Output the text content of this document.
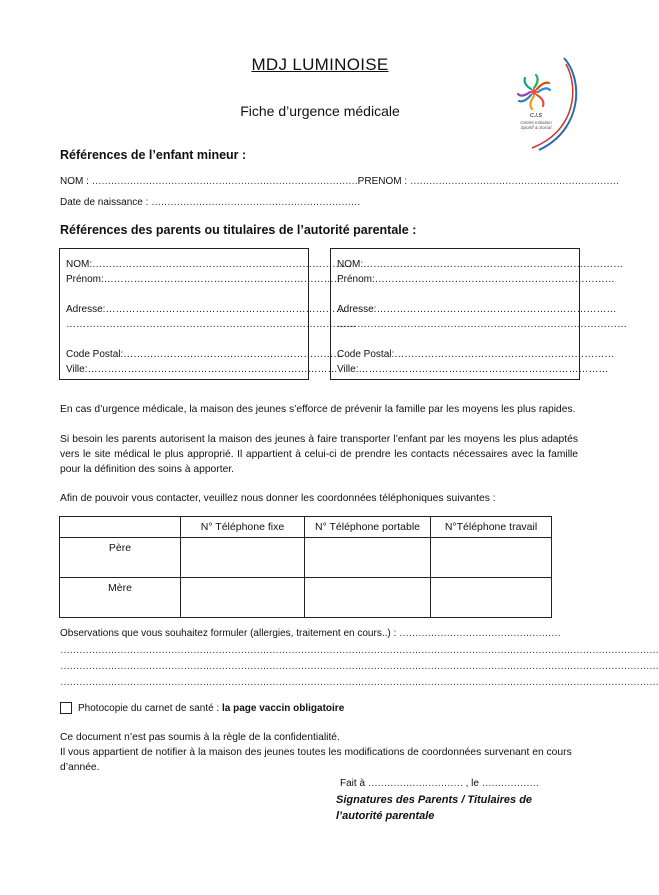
MDJ LUMINOISE
Fiche d’urgence médicale	C.I.S
Centre Initiation
Sportif & Social
Références de l’enfant mineur :
NOM : …………………………………………………………………………PRENOM : …………………………………………………………
Date de naissance : …………………………………………………………
Références des parents ou titulaires de l’autorité parentale :
NOM:……………………………………………………………………
Prénom:………………………………………………………………
Adresse:………………………………………………………………
……………………………………………………………………………
Code Postal:…………………………………………………………
Ville:…………………………………………………………………
NOM:……………………………………………………………………
Prénom:………………………………………………………………
Adresse:………………………………………………………………
……………………………………………………………………………
Code Postal:…………………………………………………………
Ville:…………………………………………………………………
En cas d’urgence médicale, la maison des jeunes s’efforce de prévenir la famille par les moyens les plus rapides.
Si besoin les parents autorisent la maison des jeunes à faire transporter l’enfant par les moyens les plus adaptés vers le site médical le plus approprié. Il appartient à celui-ci de prendre les contacts nécessaires avec la famille pour la définition des soins à apporter.
Afin de pouvoir vous contacter, veuillez nous donner les coordonnées téléphoniques suivantes :
	N° Téléphone fixe	N° Téléphone portable	N°Téléphone travail
Père			
Mère			
Observations que vous souhaitez formuler (allergies, traitement en cours..) : ……………………………………………
………………………………………………………………………………………………………………………………………………………………………
………………………………………………………………………………………………………………………………………………………………………
………………………………………………………………………………………………………………………………………………………………………
Photocopie du carnet de santé : la page vaccin obligatoire
Ce document n’est pas soumis à la règle de la confidentialité.
Il vous appartient de notifier à la maison des jeunes toutes les modifications de coordonnées survenant en cours d’année.
Fait à ………………………… , le ………………
Signatures des Parents / Titulaires de
l’autorité parentale
